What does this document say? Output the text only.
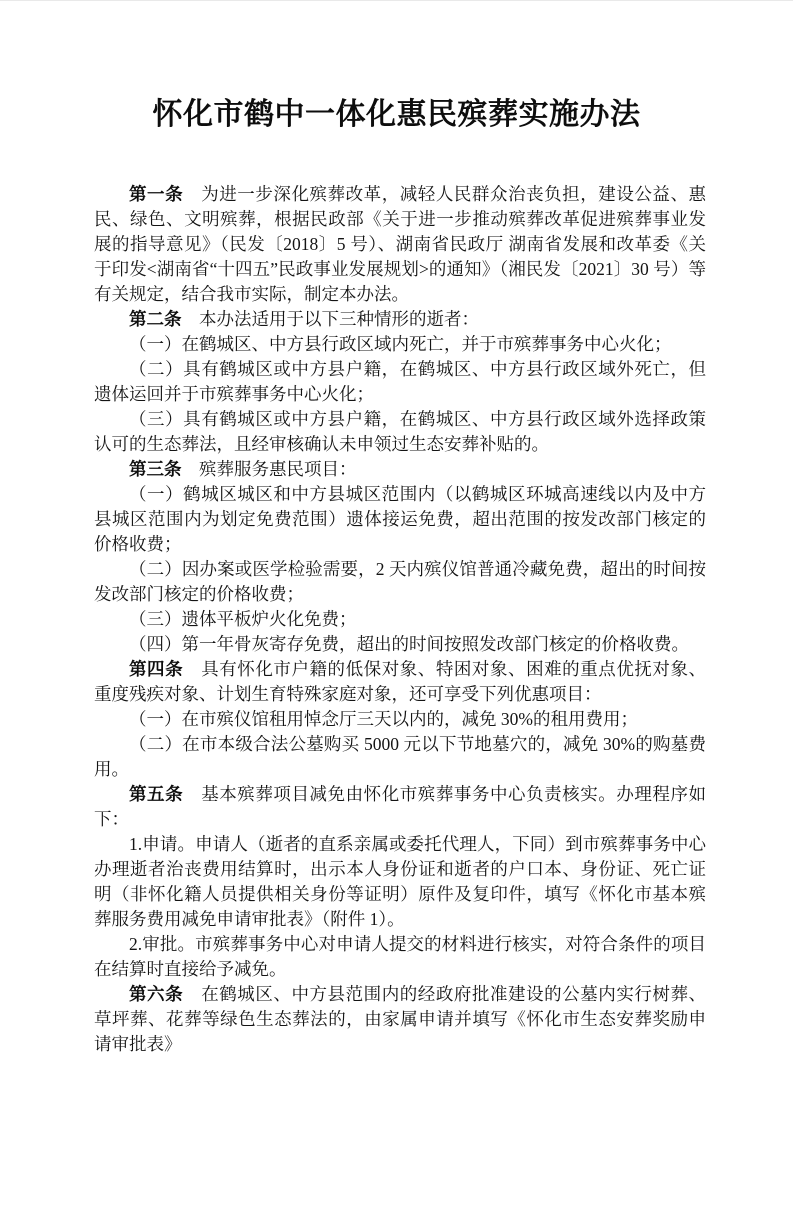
怀化市鹤中一体化惠民殡葬实施办法

第一条　为进一步深化殡葬改革，减轻人民群众治丧负担，建设公益、惠民、绿色、文明殡葬，根据民政部《关于进一步推动殡葬改革促进殡葬事业发展的指导意见》（民发〔2018〕5 号）、湖南省民政厅 湖南省发展和改革委《关于印发<湖南省“十四五”民政事业发展规划>的通知》（湘民发〔2021〕30 号）等有关规定，结合我市实际，制定本办法。

第二条　本办法适用于以下三种情形的逝者：

（一）在鹤城区、中方县行政区域内死亡，并于市殡葬事务中心火化；

（二）具有鹤城区或中方县户籍，在鹤城区、中方县行政区域外死亡，但遗体运回并于市殡葬事务中心火化；

（三）具有鹤城区或中方县户籍，在鹤城区、中方县行政区域外选择政策认可的生态葬法，且经审核确认未申领过生态安葬补贴的。

第三条　殡葬服务惠民项目：

（一）鹤城区城区和中方县城区范围内（以鹤城区环城高速线以内及中方县城区范围内为划定免费范围）遗体接运免费，超出范围的按发改部门核定的价格收费；

（二）因办案或医学检验需要，2 天内殡仪馆普通冷藏免费，超出的时间按发改部门核定的价格收费；

（三）遗体平板炉火化免费；

（四）第一年骨灰寄存免费，超出的时间按照发改部门核定的价格收费。

第四条　具有怀化市户籍的低保对象、特困对象、困难的重点优抚对象、重度残疾对象、计划生育特殊家庭对象，还可享受下列优惠项目：

（一）在市殡仪馆租用悼念厅三天以内的，减免 30%的租用费用；

（二）在市本级合法公墓购买 5000 元以下节地墓穴的，减免 30%的购墓费用。

第五条　基本殡葬项目减免由怀化市殡葬事务中心负责核实。办理程序如下：

1.申请。申请人（逝者的直系亲属或委托代理人，下同）到市殡葬事务中心办理逝者治丧费用结算时，出示本人身份证和逝者的户口本、身份证、死亡证明（非怀化籍人员提供相关身份等证明）原件及复印件，填写《怀化市基本殡葬服务费用减免申请审批表》（附件 1）。

2.审批。市殡葬事务中心对申请人提交的材料进行核实，对符合条件的项目在结算时直接给予减免。

第六条　在鹤城区、中方县范围内的经政府批准建设的公墓内实行树葬、草坪葬、花葬等绿色生态葬法的，由家属申请并填写《怀化市生态安葬奖励申请审批表》
